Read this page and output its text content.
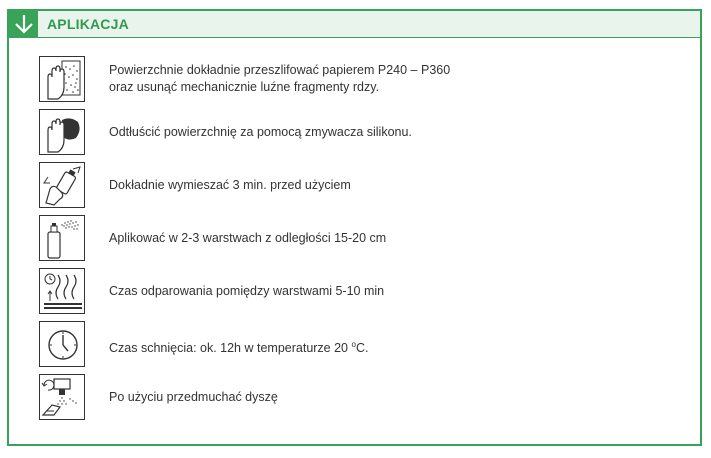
APLIKACJA
Powierzchnie dokładnie przeszlifować papierem P240 – P360
oraz usunąć mechanicznie luźne fragmenty rdzy.
Odtłuścić powierzchnię za pomocą zmywacza silikonu.
Dokładnie wymieszać 3 min. przed użyciem
Aplikować w 2-3 warstwach z odległości 15-20 cm
Czas odparowania pomiędzy warstwami 5-10 min
Czas schnięcia: ok. 12h w temperaturze 20 $^o$C.
Po użyciu przedmuchać dyszę
